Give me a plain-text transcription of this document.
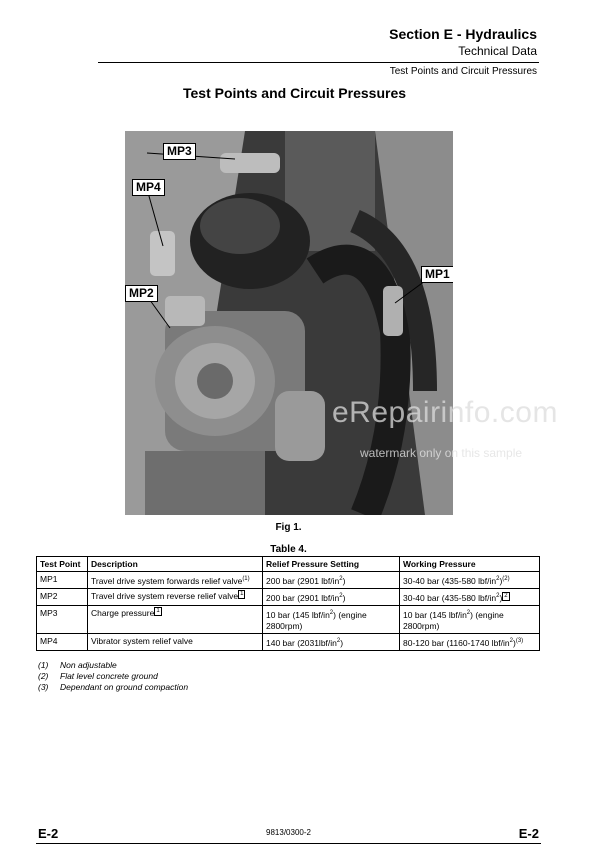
Section E - Hydraulics
Technical Data
Test Points and Circuit Pressures
Test Points and Circuit Pressures
MP3
MP4
MP2
MP1
eRepairinfo.com
watermark only on this sample
Fig 1.
Table 4.
Test Point	Description	Relief Pressure Setting	Working Pressure
MP1	Travel drive system forwards relief valve$^{(1)}$	200 bar (2901 lbf/$in^2$)	30-40 bar (435-580 lbf/$in^2)^{(2)}$
MP2	Travel drive system reverse relief valve 1	200 bar (2901 lbf/$in^2$)	30-40 bar (435-580 lbf/$in^2$) 2
MP3	Charge pressure 1	10 bar (145 lbf/$in^2$) (engine 2800rpm)	10 bar (145 lbf/$in^2$) (engine 2800rpm)
MP4	Vibrator system relief valve	140 bar $(2031lbf/in^2)$	80-120 bar (1160-1740 lbf/$in^2)^{(3)}$
(1) Non adjustable
(2) Flat level concrete ground
(3) Dependant on ground compaction
E-2	9813/0300-2	E-2
